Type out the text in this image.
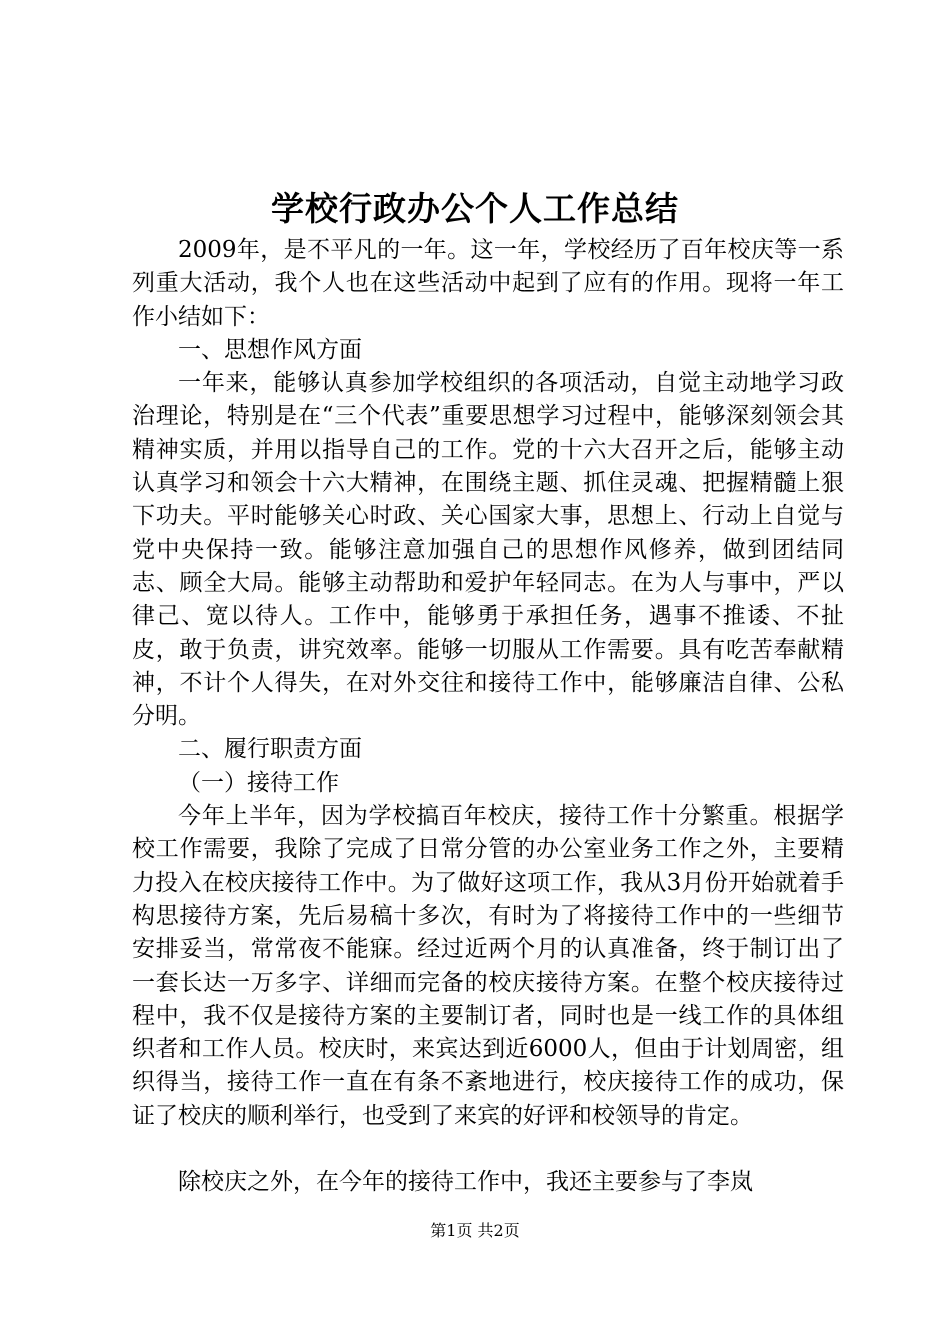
学校行政办公个人工作总结

2009年，是不平凡的一年。这一年，学校经历了百年校庆等一系列重大活动，我个人也在这些活动中起到了应有的作用。现将一年工作小结如下：

一、思想作风方面

一年来，能够认真参加学校组织的各项活动，自觉主动地学习政治理论，特别是在“三个代表”重要思想学习过程中，能够深刻领会其精神实质，并用以指导自己的工作。党的十六大召开之后，能够主动认真学习和领会十六大精神，在围绕主题、抓住灵魂、把握精髓上狠下功夫。平时能够关心时政、关心国家大事，思想上、行动上自觉与党中央保持一致。能够注意加强自己的思想作风修养，做到团结同志、顾全大局。能够主动帮助和爱护年轻同志。在为人与事中，严以律己、宽以待人。工作中，能够勇于承担任务，遇事不推诿、不扯皮，敢于负责，讲究效率。能够一切服从工作需要。具有吃苦奉献精神，不计个人得失，在对外交往和接待工作中，能够廉洁自律、公私分明。

二、履行职责方面

（一）接待工作

今年上半年，因为学校搞百年校庆，接待工作十分繁重。根据学校工作需要，我除了完成了日常分管的办公室业务工作之外，主要精力投入在校庆接待工作中。为了做好这项工作，我从3月份开始就着手构思接待方案，先后易稿十多次，有时为了将接待工作中的一些细节安排妥当，常常夜不能寐。经过近两个月的认真准备，终于制订出了一套长达一万多字、详细而完备的校庆接待方案。在整个校庆接待过程中，我不仅是接待方案的主要制订者，同时也是一线工作的具体组织者和工作人员。校庆时，来宾达到近6000人，但由于计划周密，组织得当，接待工作一直在有条不紊地进行，校庆接待工作的成功，保证了校庆的顺利举行，也受到了来宾的好评和校领导的肯定。

除校庆之外，在今年的接待工作中，我还主要参与了李岚

第1页 共2页
